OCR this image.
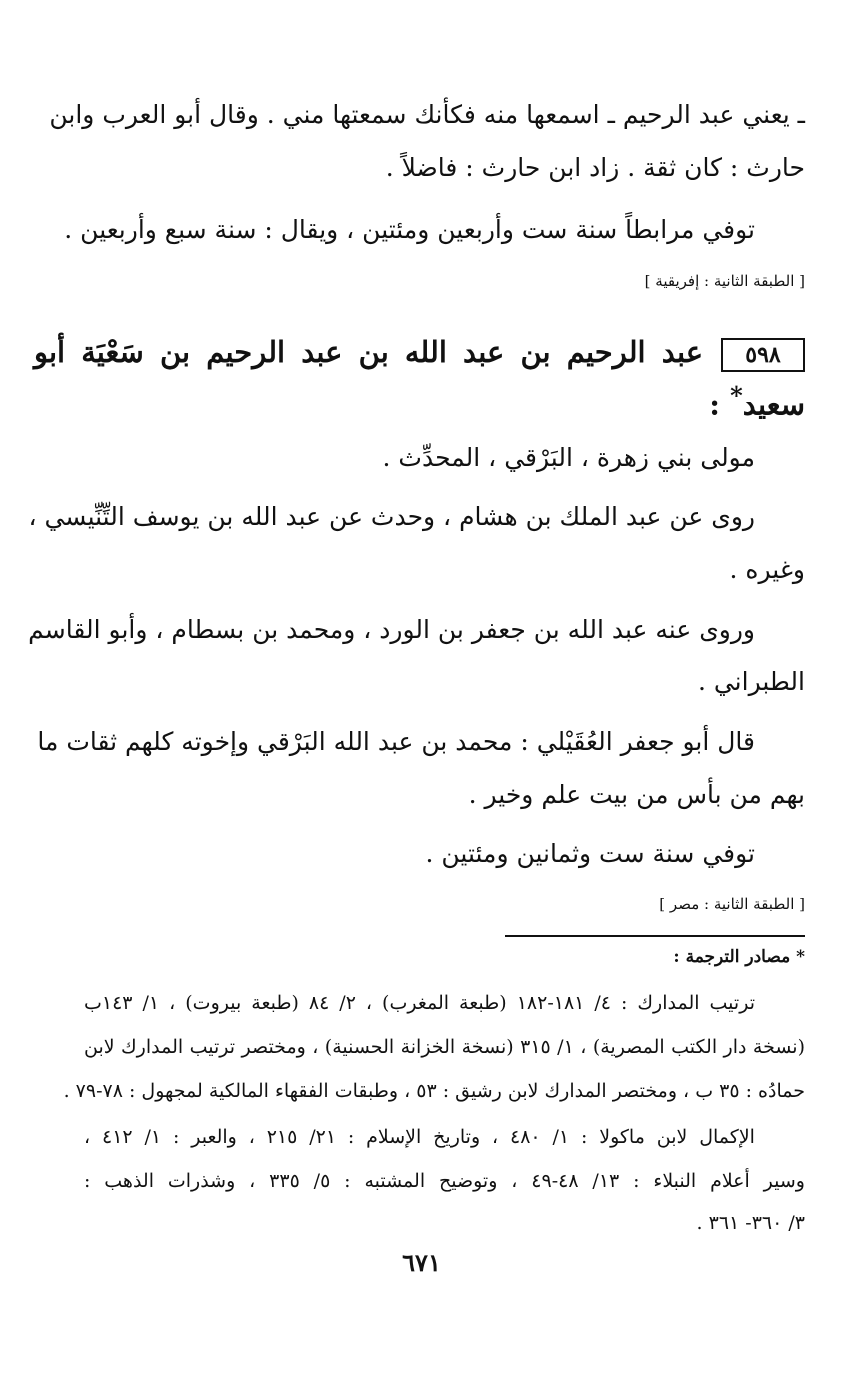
ـ يعني عبد الرحيم ـ اسمعها منه فكأنك سمعتها مني . وقال أبو العرب وابن
حارث : كان ثقة . زاد ابن حارث : فاضلاً .
توفي مرابطاً سنة ست وأربعين ومئتين ، ويقال : سنة سبع وأربعين .
[ الطبقة الثانية : إفريقية ]
٥٩٨
عبد الرحيم بن عبد الله بن عبد الرحيم بن سَعْيَة أبو
سعيد* :
مولى بني زهرة ، البَرْقي ، المحدِّث .
روى عن عبد الملك بن هشام ، وحدث عن عبد الله بن يوسف التِّنِّيسي ،
وغيره .
وروى عنه عبد الله بن جعفر بن الورد ، ومحمد بن بسطام ، وأبو القاسم
الطبراني .
قال أبو جعفر العُقَيْلي : محمد بن عبد الله البَرْقي وإخوته كلهم ثقات ما
بهم من بأس من بيت علم وخير .
توفي سنة ست وثمانين ومئتين .
[ الطبقة الثانية : مصر ]
* مصادر الترجمة :
ترتيب المدارك : ٤/ ١٨١-١٨٢ (طبعة المغرب) ، ٢/ ٨٤ (طبعة بيروت) ، ١/ ١٤٣ب
(نسخة دار الكتب المصرية) ، ١/ ٣١٥ (نسخة الخزانة الحسنية) ، ومختصر ترتيب المدارك لابن
حمادُه : ٣٥ ب ، ومختصر المدارك لابن رشيق : ٥٣ ، وطبقات الفقهاء المالكية لمجهول : ٧٨-٧٩ .
الإكمال لابن ماكولا : ١/ ٤٨٠ ، وتاريخ الإسلام : ٢١/ ٢١٥ ، والعبر : ١/ ٤١٢ ،
وسير أعلام النبلاء : ١٣/ ٤٨-٤٩ ، وتوضيح المشتبه : ٥/ ٣٣٥ ، وشذرات الذهب :
٣/ ٣٦٠- ٣٦١ .
٦٧١
